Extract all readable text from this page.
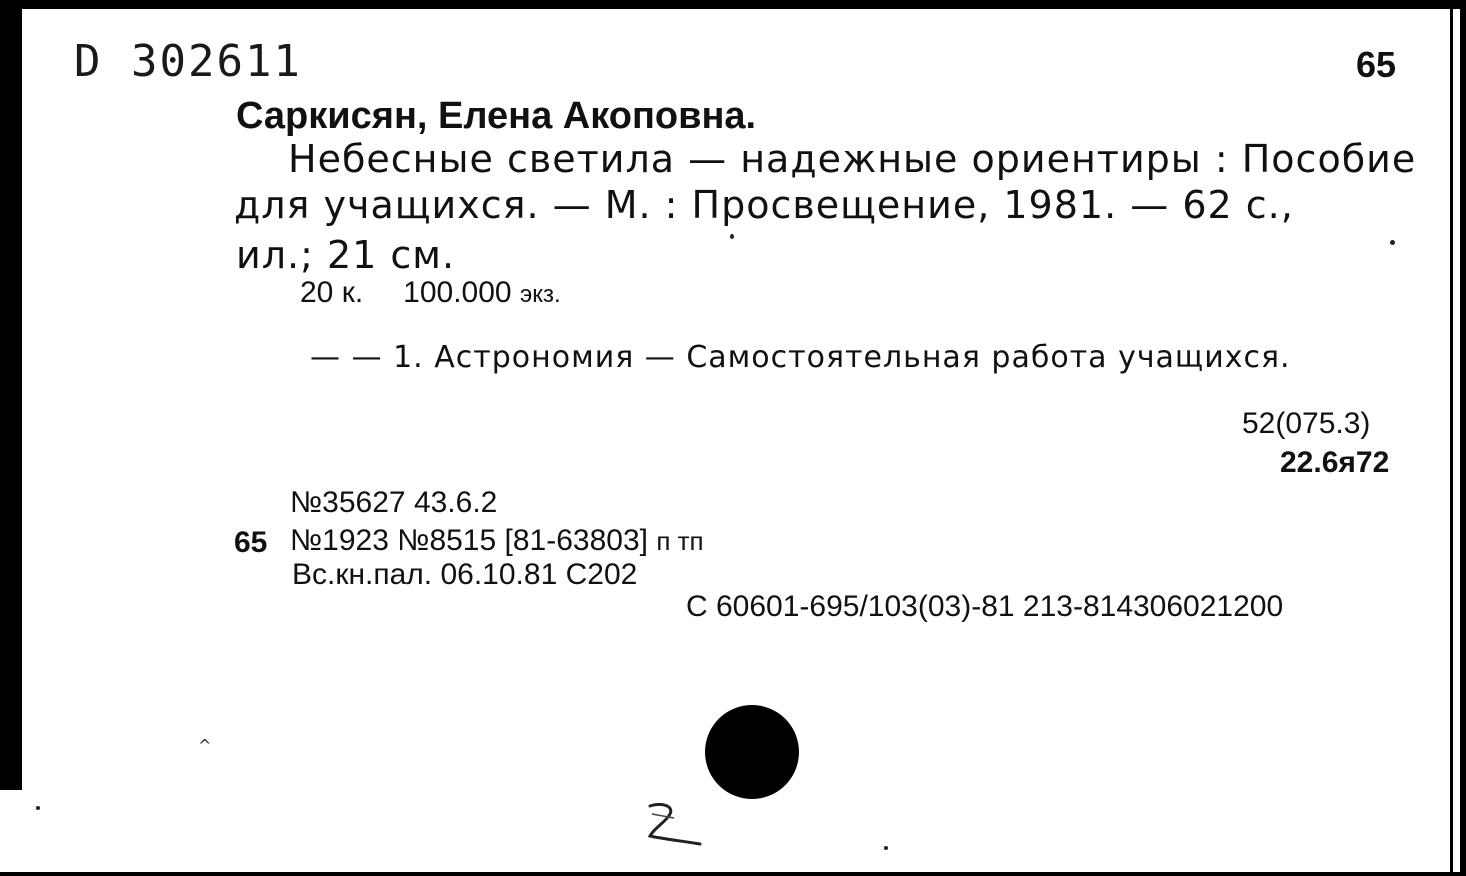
D 302611	65
Саркисян, Елена Акоповна.
Небесные светила — надежные ориентиры : Пособие
для учащихся. — М. : Просвещение, 1981. — 62 с.,
ил.; 21 см.
20 к. 100.000 экз.
— — 1. Астрономия — Самостоятельная работа учащихся.
52(075.3)
22.6я72
№35627 43.6.2
65 №1923 №8515 [81-63803] п тп
Вс.кн.пал. 06.10.81 С202
С 60601-695/103(03)-81 213-814306021200
^
